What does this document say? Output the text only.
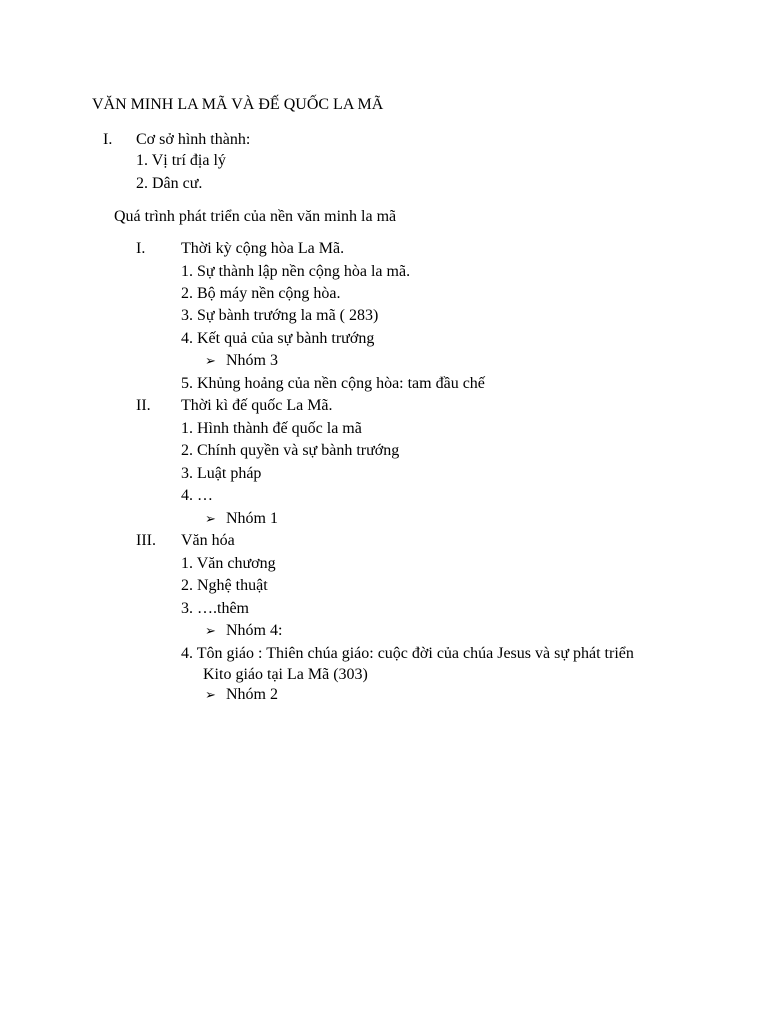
VĂN MINH LA MÃ VÀ ĐẾ QUỐC LA MÃ
I. Cơ sở hình thành:
1. Vị trí địa lý
2. Dân cư.
Quá trình phát triển của nền văn minh la mã
I. Thời kỳ cộng hòa La Mã.
1. Sự thành lập nền cộng hòa la mã.
2. Bộ máy nền cộng hòa.
3. Sự bành trướng la mã ( 283)
4. Kết quả của sự bành trướng
➢ Nhóm 3
5. Khủng hoảng của nền cộng hòa: tam đầu chế
II. Thời kì đế quốc La Mã.
1. Hình thành đế quốc la mã
2. Chính quyền và sự bành trướng
3. Luật pháp
4. …
➢ Nhóm 1
III. Văn hóa
1. Văn chương
2. Nghệ thuật
3. ….thêm
➢ Nhóm 4:
4. Tôn giáo : Thiên chúa giáo: cuộc đời của chúa Jesus và sự phát triển Kito giáo tại La Mã (303)
➢ Nhóm 2
